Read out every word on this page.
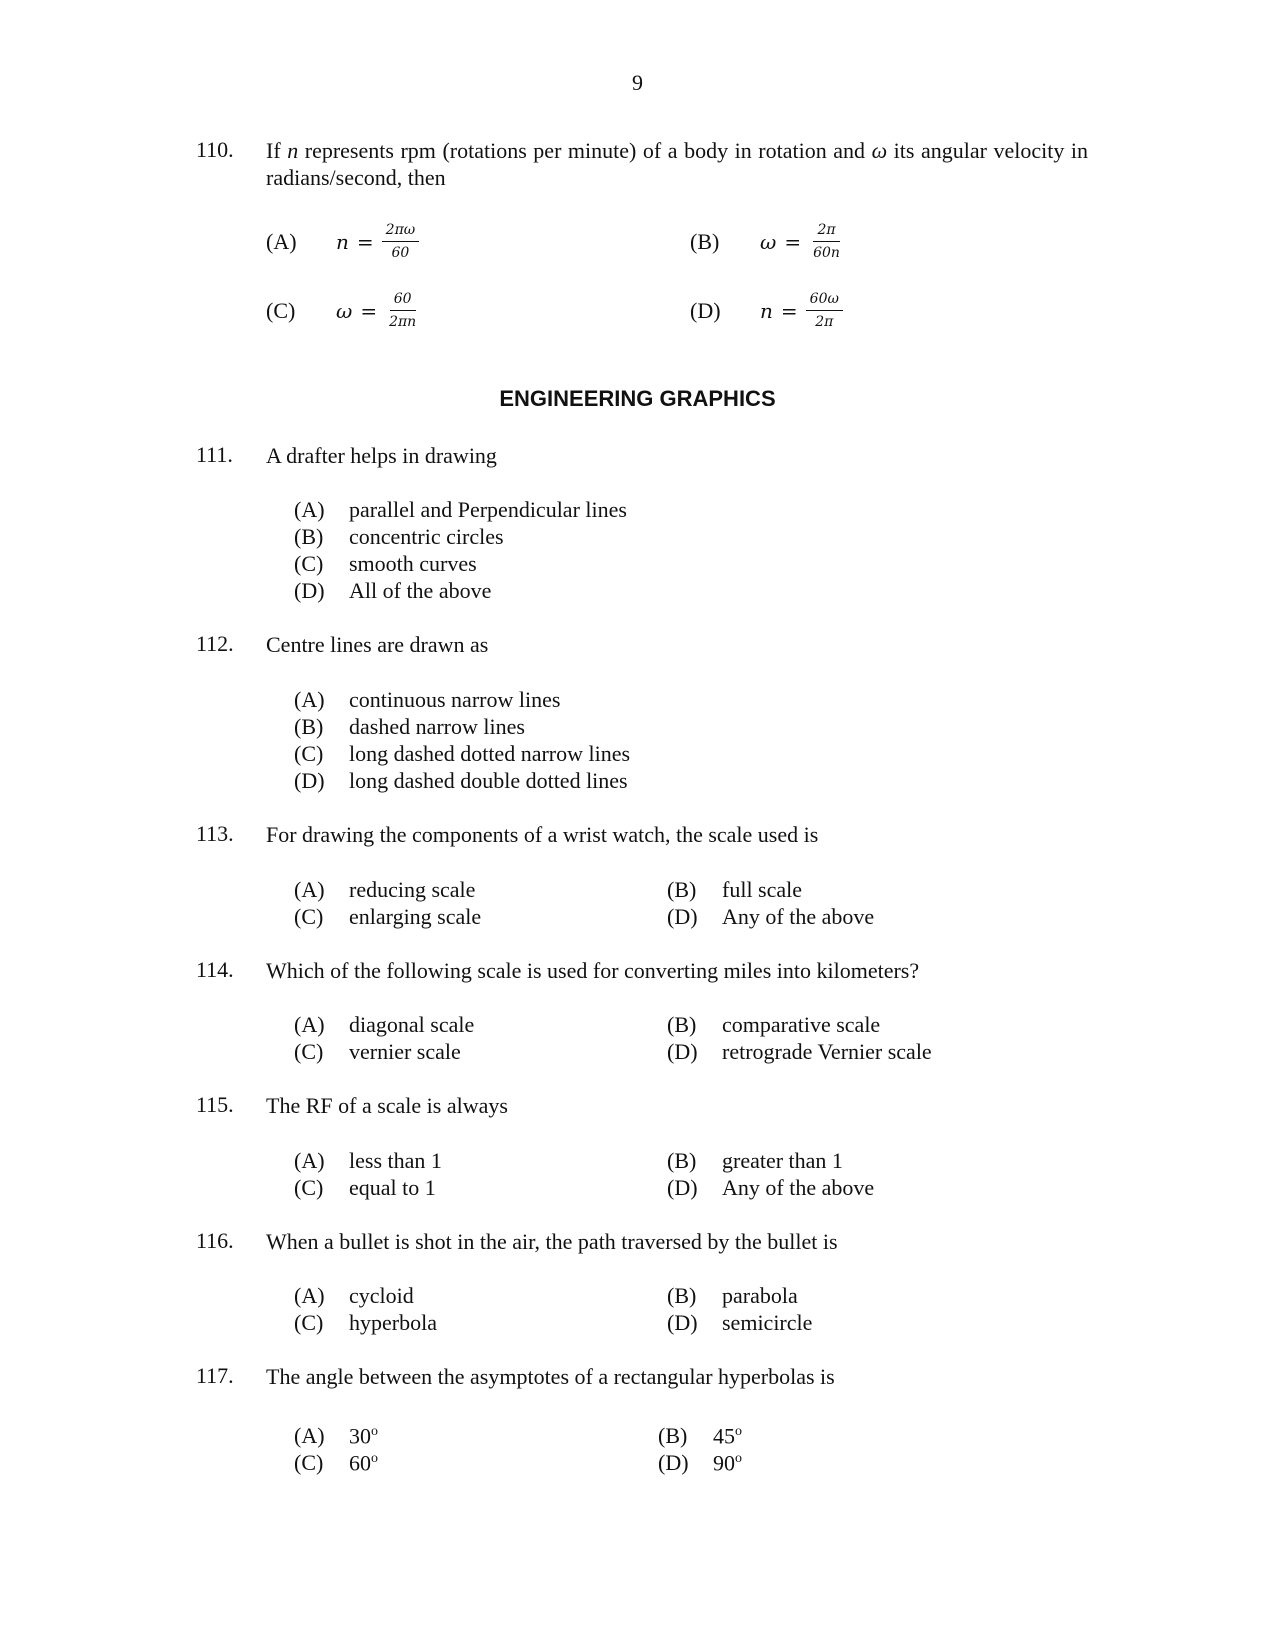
9
110. If n represents rpm (rotations per minute) of a body in rotation and ω its angular velocity in radians/second, then
(A)	$n = \frac{2\pi\omega}{60}$	(B)	$\omega = \frac{2\pi}{60n}$
(C)	$\omega = \frac{60}{2\pi n}$	(D)	$n = \frac{60\omega}{2\pi}$
ENGINEERING GRAPHICS
111. A drafter helps in drawing
(A) parallel and Perpendicular lines
(B) concentric circles
(C) smooth curves
(D) All of the above
112. Centre lines are drawn as
(A) continuous narrow lines
(B) dashed narrow lines
(C) long dashed dotted narrow lines
(D) long dashed double dotted lines
113. For drawing the components of a wrist watch, the scale used is
(A) reducing scale	(B) full scale
(C) enlarging scale	(D) Any of the above
114. Which of the following scale is used for converting miles into kilometers?
(A) diagonal scale	(B) comparative scale
(C) vernier scale	(D) retrograde Vernier scale
115. The RF of a scale is always
(A) less than 1	(B) greater than 1
(C) equal to 1	(D) Any of the above
116. When a bullet is shot in the air, the path traversed by the bullet is
(A) cycloid	(B) parabola
(C) hyperbola	(D) semicircle
117. The angle between the asymptotes of a rectangular hyperbolas is
(A) 30$^o$	(B) 45$^o$
(C) 60$^o$	(D) 90$^o$
